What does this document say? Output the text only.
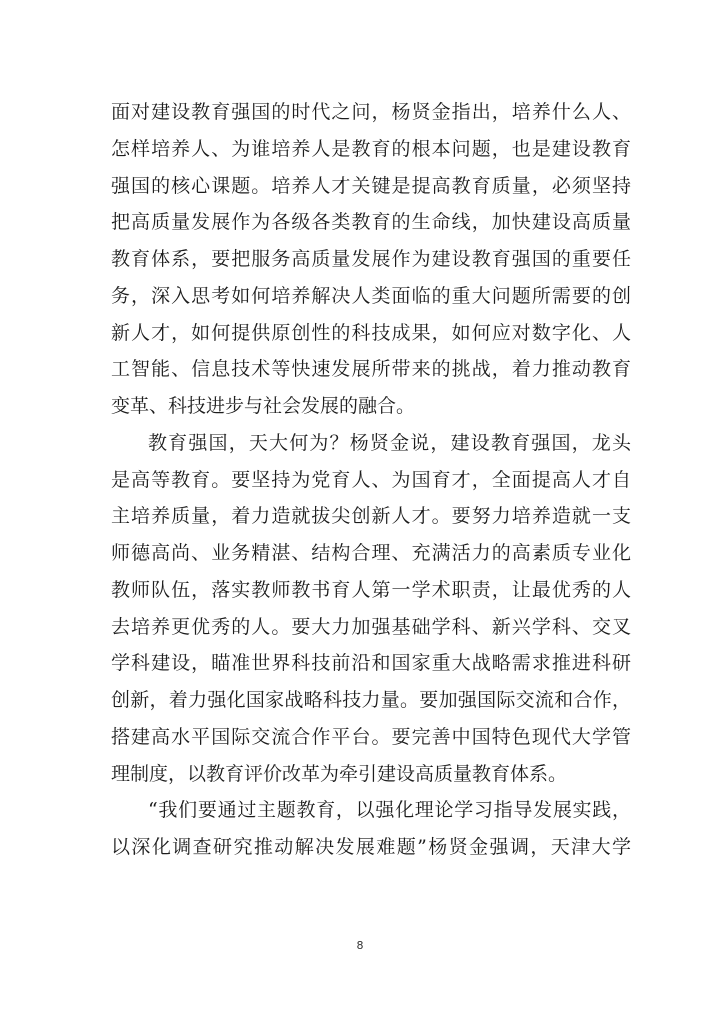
面对建设教育强国的时代之问，杨贤金指出，培养什么人、
怎样培养人、为谁培养人是教育的根本问题，也是建设教育
强国的核心课题。培养人才关键是提高教育质量，必须坚持
把高质量发展作为各级各类教育的生命线，加快建设高质量
教育体系，要把服务高质量发展作为建设教育强国的重要任
务，深入思考如何培养解决人类面临的重大问题所需要的创
新人才，如何提供原创性的科技成果，如何应对数字化、人
工智能、信息技术等快速发展所带来的挑战，着力推动教育
变革、科技进步与社会发展的融合。
教育强国，天大何为？杨贤金说，建设教育强国，龙头
是高等教育。要坚持为党育人、为国育才，全面提高人才自
主培养质量，着力造就拔尖创新人才。要努力培养造就一支
师德高尚、业务精湛、结构合理、充满活力的高素质专业化
教师队伍，落实教师教书育人第一学术职责，让最优秀的人
去培养更优秀的人。要大力加强基础学科、新兴学科、交叉
学科建设，瞄准世界科技前沿和国家重大战略需求推进科研
创新，着力强化国家战略科技力量。要加强国际交流和合作，
搭建高水平国际交流合作平台。要完善中国特色现代大学管
理制度，以教育评价改革为牵引建设高质量教育体系。
“我们要通过主题教育，以强化理论学习指导发展实践，
以深化调查研究推动解决发展难题”杨贤金强调，天津大学
8
